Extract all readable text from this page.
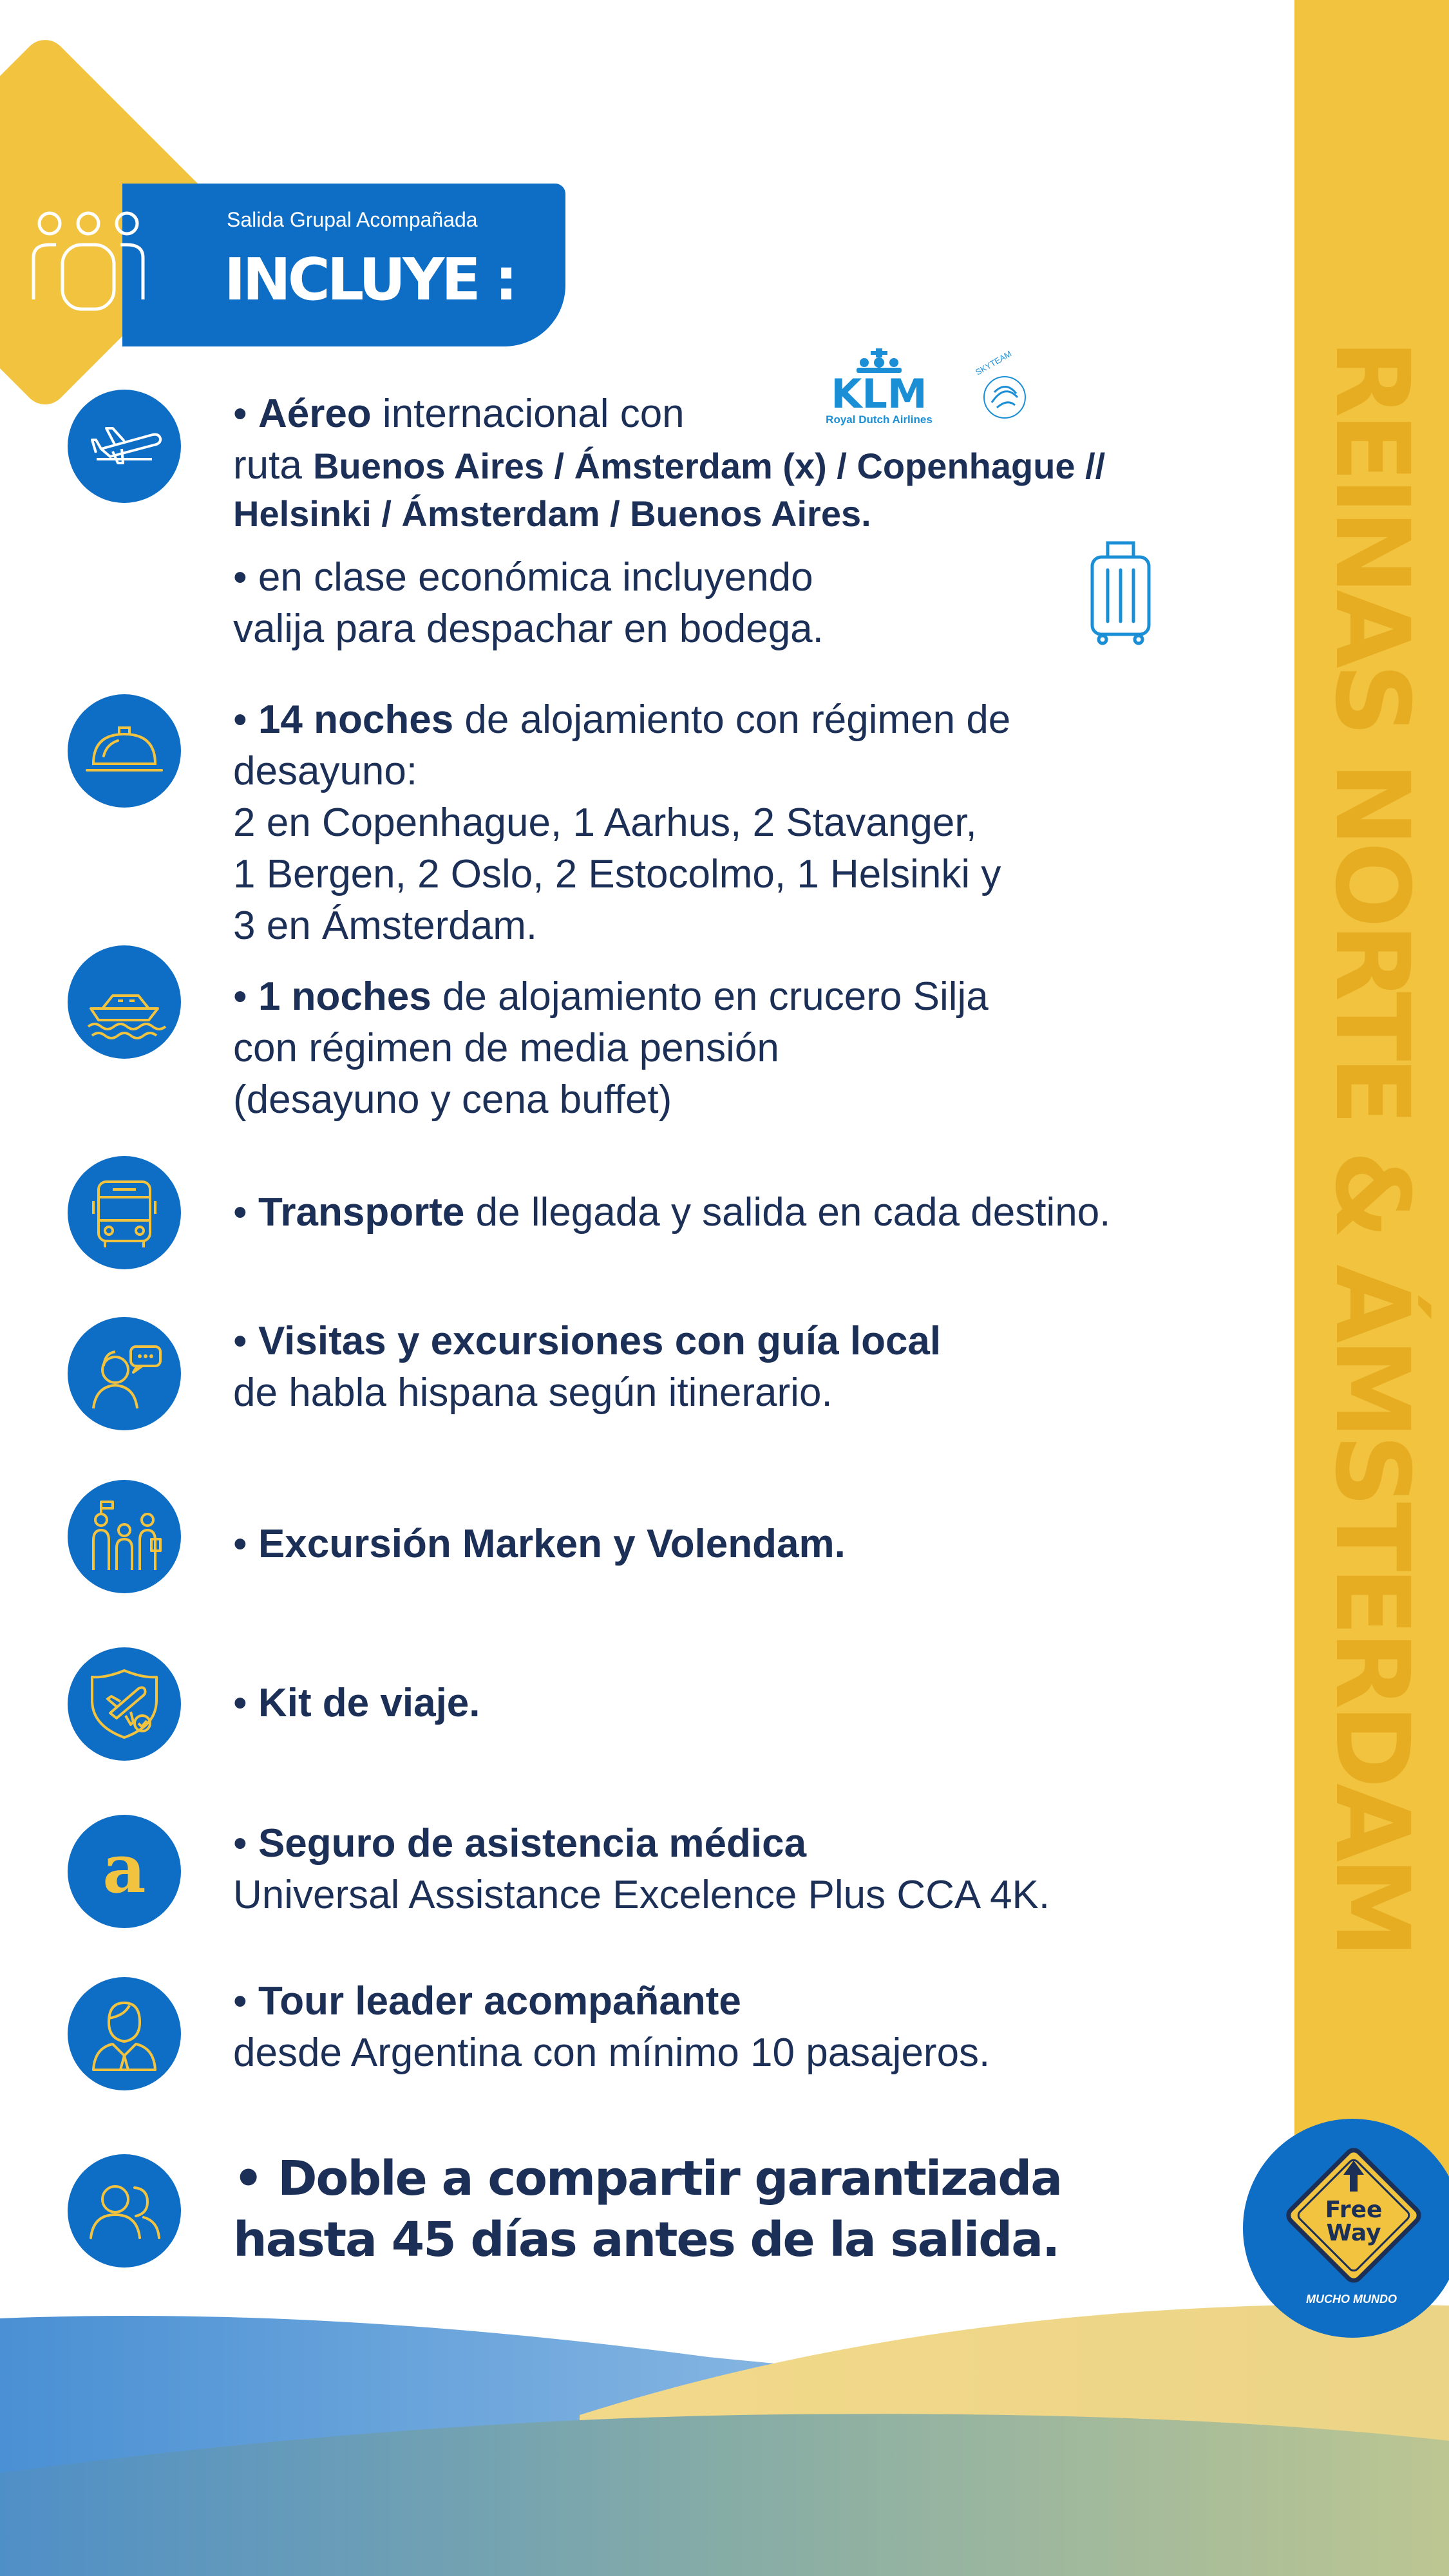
REINAS NORTE & ÁMSTERDAM
Salida Grupal Acompañada
INCLUYE :
• Aéreo internacional con
ruta Buenos Aires / Ámsterdam (x) / Copenhague //
Helsinki / Ámsterdam / Buenos Aires.
• en clase económica incluyendo
valija para despachar en bodega.
KLM
Royal Dutch Airlines
SKYTEAM
• 14 noches de alojamiento con régimen de
desayuno:
2 en Copenhague, 1 Aarhus, 2 Stavanger,
1 Bergen, 2 Oslo, 2 Estocolmo, 1 Helsinki y
3 en Ámsterdam.
• 1 noches de alojamiento en crucero Silja
con régimen de media pensión
(desayuno y cena buffet)
• Transporte de llegada y salida en cada destino.
• Visitas y excursiones con guía local
de habla hispana según itinerario.
• Excursión Marken y Volendam.
• Kit de viaje.
a • Seguro de asistencia médica
Universal Assistance Excelence Plus CCA 4K.
• Tour leader acompañante
desde Argentina con mínimo 10 pasajeros.
• Doble a compartir garantizada
hasta 45 días antes de la salida.
Free
Way
MUCHO MUNDO
